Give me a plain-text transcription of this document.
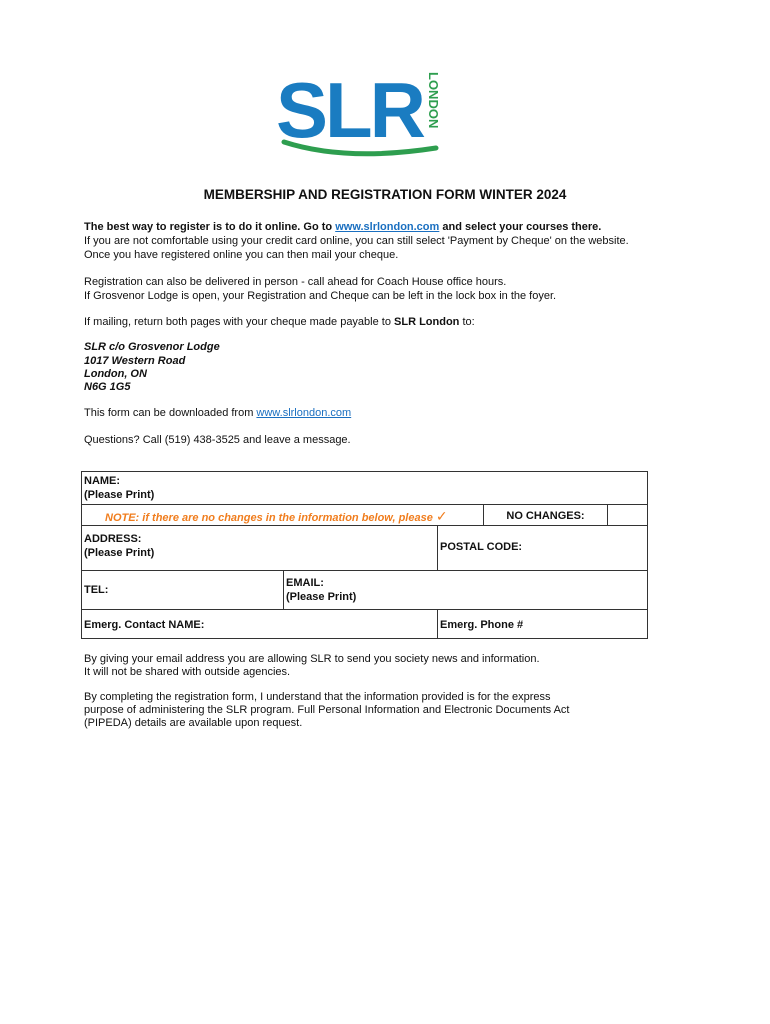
SLR LONDON
MEMBERSHIP AND REGISTRATION FORM WINTER 2024

The best way to register is to do it online. Go to www.slrlondon.com and select your courses there.

If you are not comfortable using your credit card online, you can still select 'Payment by Cheque' on the website.

Once you have registered online you can then mail your cheque.

Registration can also be delivered in person - call ahead for Coach House office hours.

If Grosvenor Lodge is open, your Registration and Cheque can be left in the lock box in the foyer.

If mailing, return both pages with your cheque made payable to SLR London to:

SLR c/o Grosvenor Lodge

1017 Western Road

London, ON

N6G 1G5

This form can be downloaded from www.slrlondon.com

Questions? Call (519) 438-3525 and leave a message.

NAME:
(Please Print)
NO CHANGES:
ADDRESS:
(Please Print)	POSTAL CODE:
TEL:
EMAIL:
(Please Print)
Emerg. Contact NAME:	Emerg. Phone #
NOTE: if there are no changes in the information below, please ✓

By giving your email address you are allowing SLR to send you society news and information.

It will not be shared with outside agencies.

By completing the registration form, I understand that the information provided is for the express

purpose of administering the SLR program. Full Personal Information and Electronic Documents Act

(PIPEDA) details are available upon request.
